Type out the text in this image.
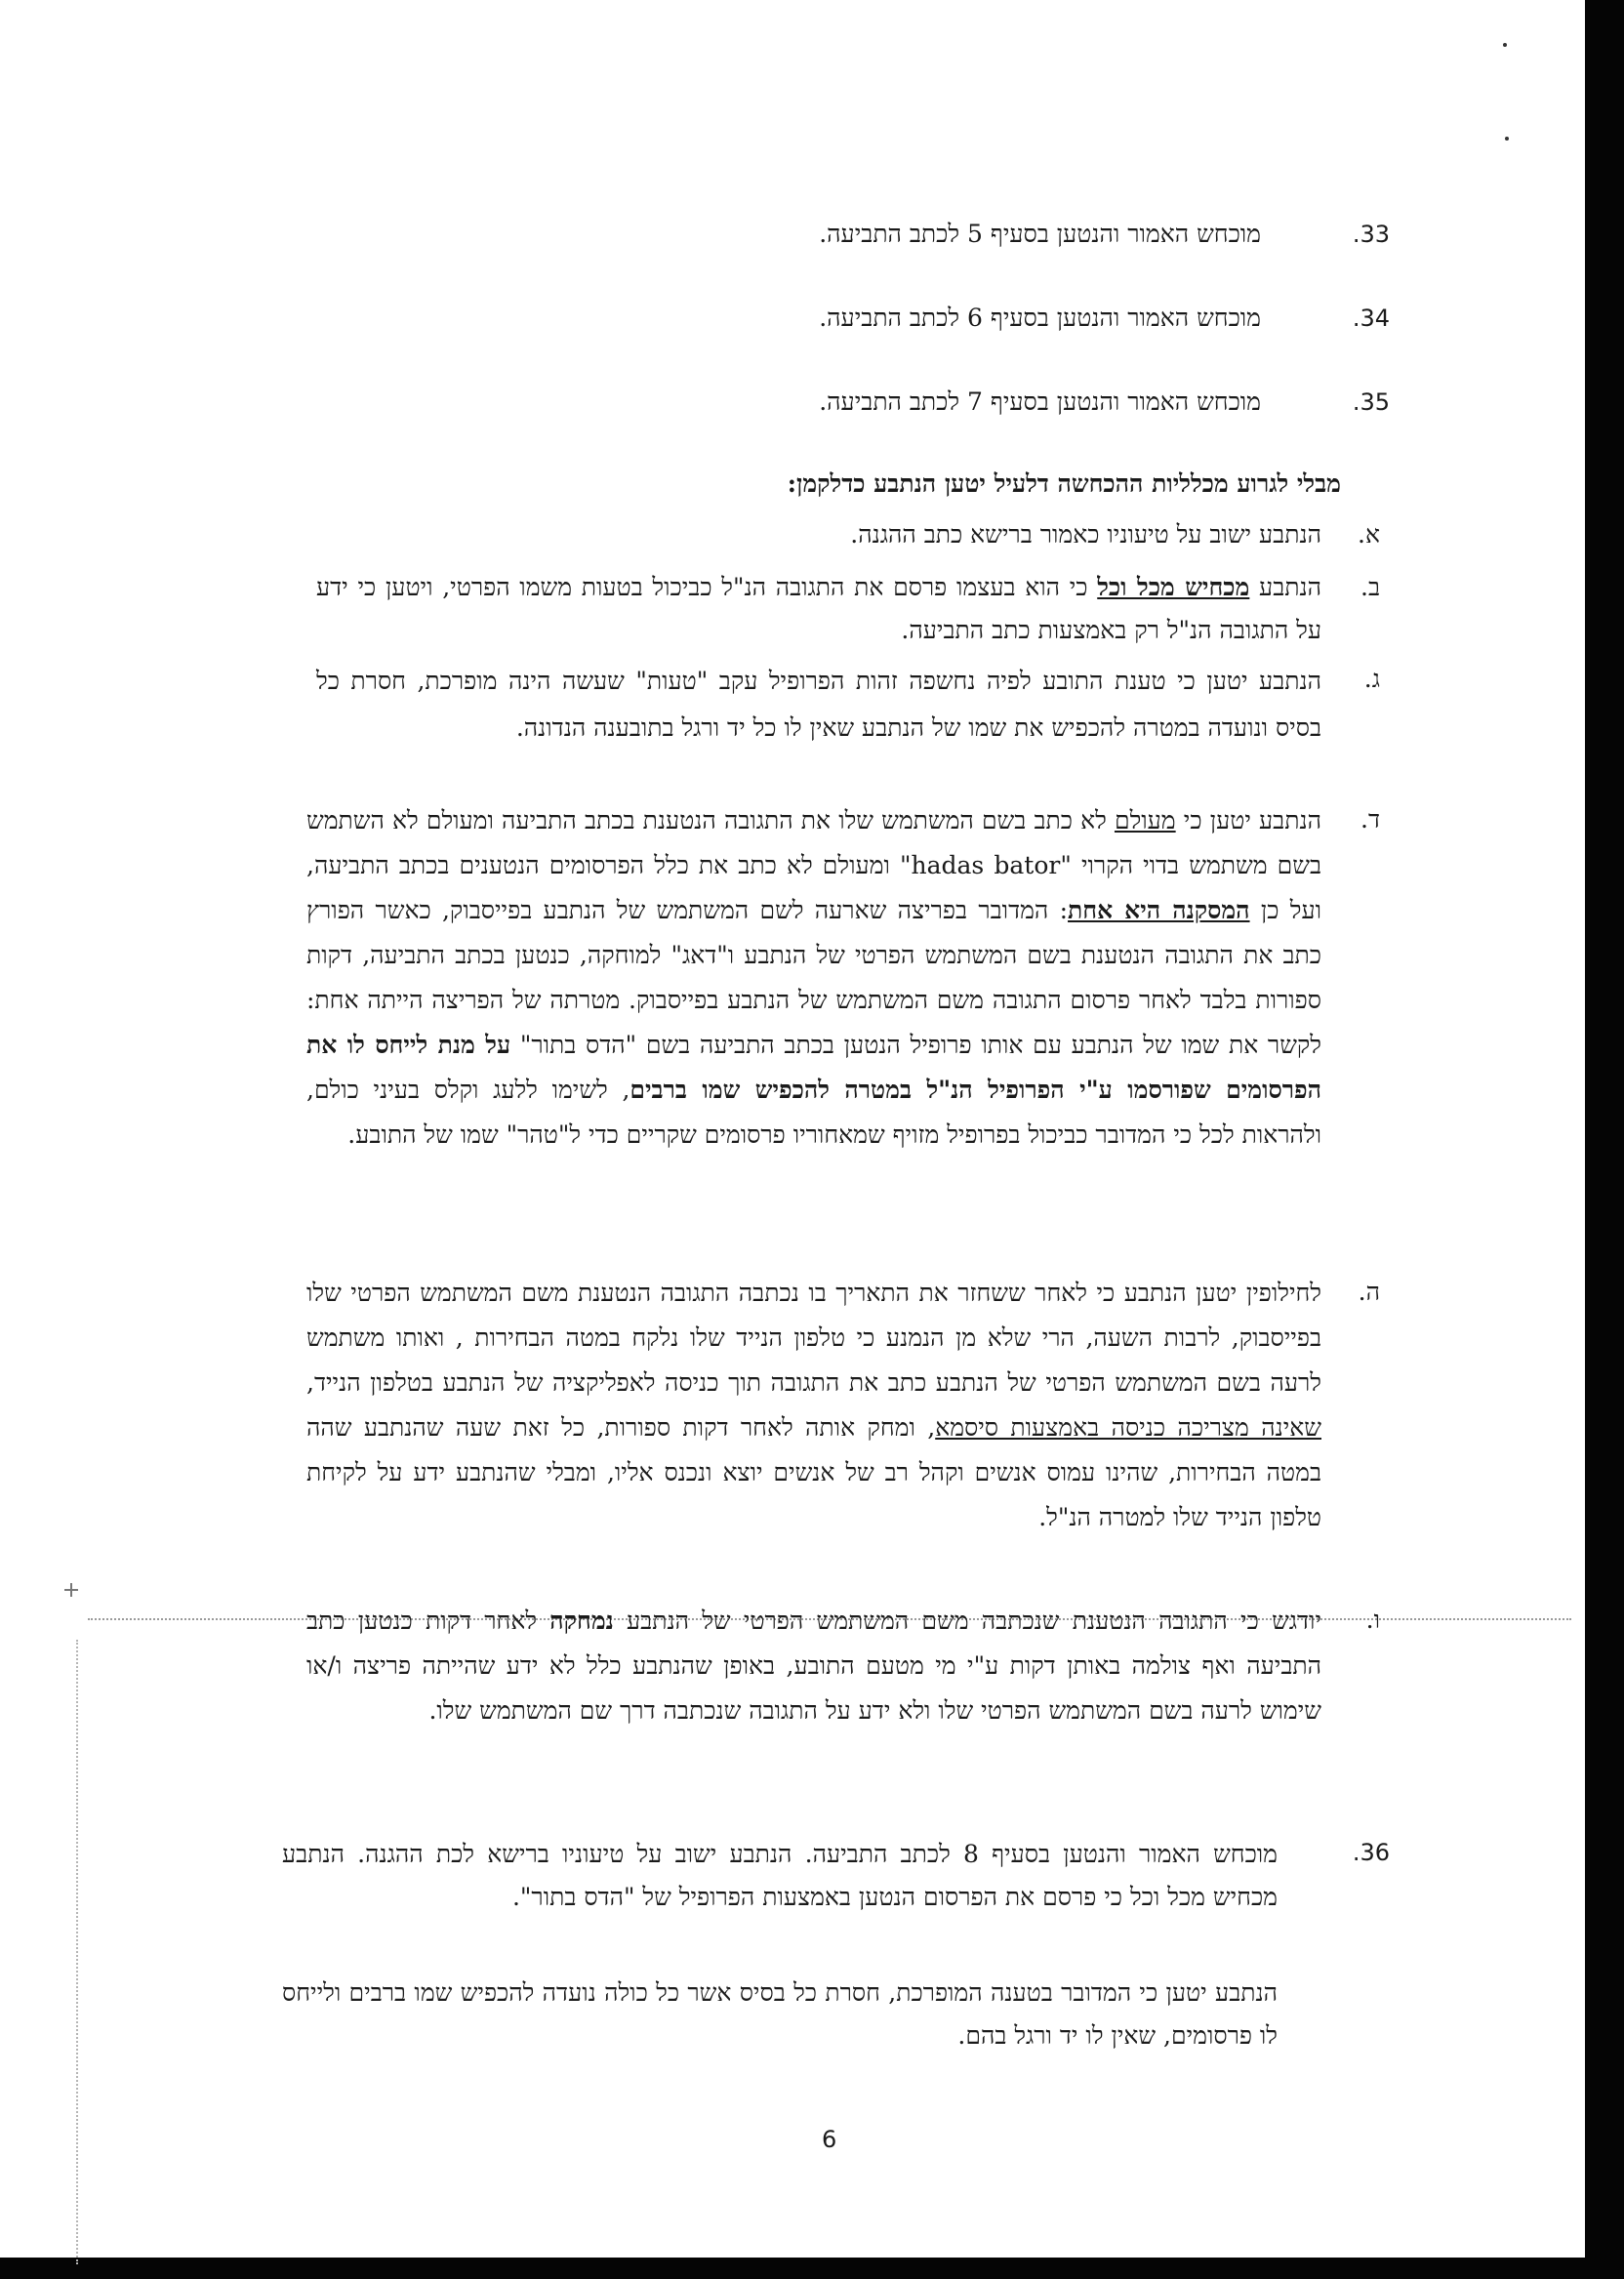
.33
מוכחש האמור והנטען בסעיף 5 לכתב התביעה.
.34
מוכחש האמור והנטען בסעיף 6 לכתב התביעה.
.35
מוכחש האמור והנטען בסעיף 7 לכתב התביעה.
מבלי לגרוע מכלליות ההכחשה דלעיל יטען הנתבע כדלקמן:
א.
הנתבע ישוב על טיעוניו כאמור ברישא כתב ההגנה.
ב.
הנתבע מכחיש מכל וכל כי הוא בעצמו פרסם את התגובה הנ"ל כביכול בטעות משמו הפרטי, ויטען כי ידע על התגובה הנ"ל רק באמצעות כתב התביעה.
ג.
הנתבע יטען כי טענת התובע לפיה נחשפה זהות הפרופיל עקב "טעות" שעשה הינה מופרכת, חסרת כל בסיס ונועדה במטרה להכפיש את שמו של הנתבע שאין לו כל יד ורגל בתובענה הנדונה.
ד.
הנתבע יטען כי מעולם לא כתב בשם המשתמש שלו את התגובה הנטענת בכתב התביעה ומעולם לא השתמש בשם משתמש בדוי הקרוי "hadas bator" ומעולם לא כתב את כלל הפרסומים הנטענים בכתב התביעה, ועל כן המסקנה היא אחת: המדובר בפריצה שארעה לשם המשתמש של הנתבע בפייסבוק, כאשר הפורץ כתב את התגובה הנטענת בשם המשתמש הפרטי של הנתבע ו"דאג" למוחקה, כנטען בכתב התביעה, דקות ספורות בלבד לאחר פרסום התגובה משם המשתמש של הנתבע בפייסבוק. מטרתה של הפריצה הייתה אחת: לקשר את שמו של הנתבע עם אותו פרופיל הנטען בכתב התביעה בשם "הדס בתור" על מנת לייחס לו את הפרסומים שפורסמו ע"י הפרופיל הנ"ל במטרה להכפיש שמו ברבים, לשימו ללעג וקלס בעיני כולם, ולהראות לכל כי המדובר כביכול בפרופיל מזויף שמאחוריו פרסומים שקריים כדי ל"טהר" שמו של התובע.
ה.
לחילופין יטען הנתבע כי לאחר ששחזר את התאריך בו נכתבה התגובה הנטענת משם המשתמש הפרטי שלו בפייסבוק, לרבות השעה, הרי שלא מן הנמנע כי טלפון הנייד שלו נלקח במטה הבחירות , ואותו משתמש לרעה בשם המשתמש הפרטי של הנתבע כתב את התגובה תוך כניסה לאפליקציה של הנתבע בטלפון הנייד, שאינה מצריכה כניסה באמצעות סיסמא, ומחק אותה לאחר דקות ספורות, כל זאת שעה שהנתבע שהה במטה הבחירות, שהינו עמוס אנשים וקהל רב של אנשים יוצא ונכנס אליו, ומבלי שהנתבע ידע על לקיחת טלפון הנייד שלו למטרה הנ"ל.
ו.
יודגש כי התגובה הנטענת שנכתבה משם המשתמש הפרטי של הנתבע נמחקה לאחר דקות כנטען כתב התביעה ואף צולמה באותן דקות ע"י מי מטעם התובע, באופן שהנתבע כלל לא ידע שהייתה פריצה ו/או שימוש לרעה בשם המשתמש הפרטי שלו ולא ידע על התגובה שנכתבה דרך שם המשתמש שלו.
.36
מוכחש האמור והנטען בסעיף 8 לכתב התביעה. הנתבע ישוב על טיעוניו ברישא לכת ההגנה. הנתבע מכחיש מכל וכל כי פרסם את הפרסום הנטען באמצעות הפרופיל של "הדס בתור".
הנתבע יטען כי המדובר בטענה המופרכת, חסרת כל בסיס אשר כל כולה נועדה להכפיש שמו ברבים ולייחס לו פרסומים, שאין לו יד ורגל בהם.
6
